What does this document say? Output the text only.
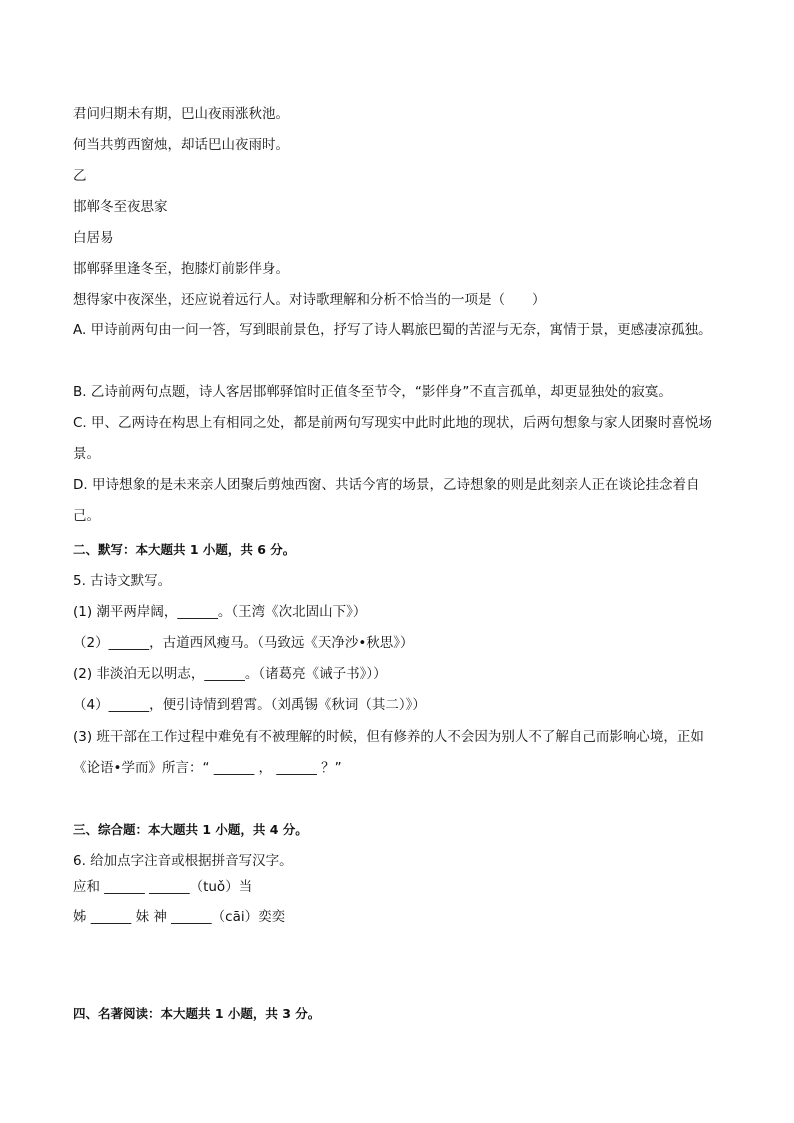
君问归期未有期，巴山夜雨涨秋池。
何当共剪西窗烛，却话巴山夜雨时。
乙
邯郸冬至夜思家
白居易
邯郸驿里逢冬至，抱膝灯前影伴身。
想得家中夜深坐，还应说着远行人。对诗歌理解和分析不恰当的一项是（　　）
A. 甲诗前两句由一问一答，写到眼前景色，抒写了诗人羁旅巴蜀的苦涩与无奈，寓情于景，更感凄凉孤独。
B. 乙诗前两句点题，诗人客居邯郸驿馆时正值冬至节令，“影伴身”不直言孤单，却更显独处的寂寞。
C. 甲、乙两诗在构思上有相同之处，都是前两句写现实中此时此地的现状，后两句想象与家人团聚时喜悦场景。
D. 甲诗想象的是未来亲人团聚后剪烛西窗、共话今宵的场景，乙诗想象的则是此刻亲人正在谈论挂念着自己。
二、默写：本大题共 1 小题，共 6 分。
5. 古诗文默写。
(1) 潮平两岸阔，______。（王湾《次北固山下》）
（2）______，古道西风瘦马。（马致远《天净沙•秋思》）
(2) 非淡泊无以明志，______。（诸葛亮《诫子书》））
（4）______，便引诗情到碧霄。（刘禹锡《秋词（其二）》）
(3) 班干部在工作过程中难免有不被理解的时候，但有修养的人不会因为别人不了解自己而影响心境，正如《论语•学而》所言：“ ______ ， ______ ？”
三、综合题：本大题共 1 小题，共 4 分。
6. 给加点字注音或根据拼音写汉字。
应和 ______ ______（tuǒ）当
姊 ______ 妹 神 ______（cāi）奕奕
四、名著阅读：本大题共 1 小题，共 3 分。
